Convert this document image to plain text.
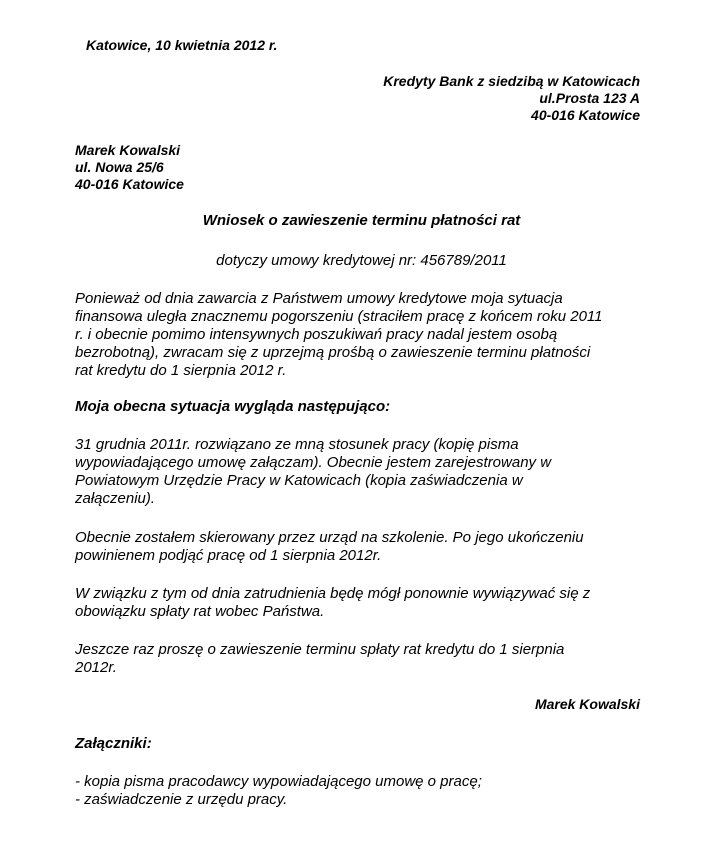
Katowice, 10 kwietnia 2012 r.

Kredyty Bank z siedzibą w Katowicach
ul.Prosta 123 A
40-016 Katowice
Marek Kowalski
ul. Nowa 25/6
40-016 Katowice
Wniosek o zawieszenie terminu płatności rat

dotyczy umowy kredytowej nr: 456789/2011

Ponieważ od dnia zawarcia z Państwem umowy kredytowe moja sytuacja
finansowa uległa znacznemu pogorszeniu (straciłem pracę z końcem roku 2011
r. i obecnie pomimo intensywnych poszukiwań pracy nadal jestem osobą
bezrobotną), zwracam się z uprzejmą prośbą o zawieszenie terminu płatności
rat kredytu do 1 sierpnia 2012 r.

Moja obecna sytuacja wygląda następująco:

31 grudnia 2011r. rozwiązano ze mną stosunek pracy (kopię pisma
wypowiadającego umowę załączam). Obecnie jestem zarejestrowany w
Powiatowym Urzędzie Pracy w Katowicach (kopia zaświadczenia w
załączeniu).
Obecnie zostałem skierowany przez urząd na szkolenie. Po jego ukończeniu
powinienem podjąć pracę od 1 sierpnia 2012r.
W związku z tym od dnia zatrudnienia będę mógł ponownie wywiązywać się z
obowiązku spłaty rat wobec Państwa.
Jeszcze raz proszę o zawieszenie terminu spłaty rat kredytu do 1 sierpnia
2012r.

Marek Kowalski

Załączniki:

- kopia pisma pracodawcy wypowiadającego umowę o pracę;
- zaświadczenie z urzędu pracy.
